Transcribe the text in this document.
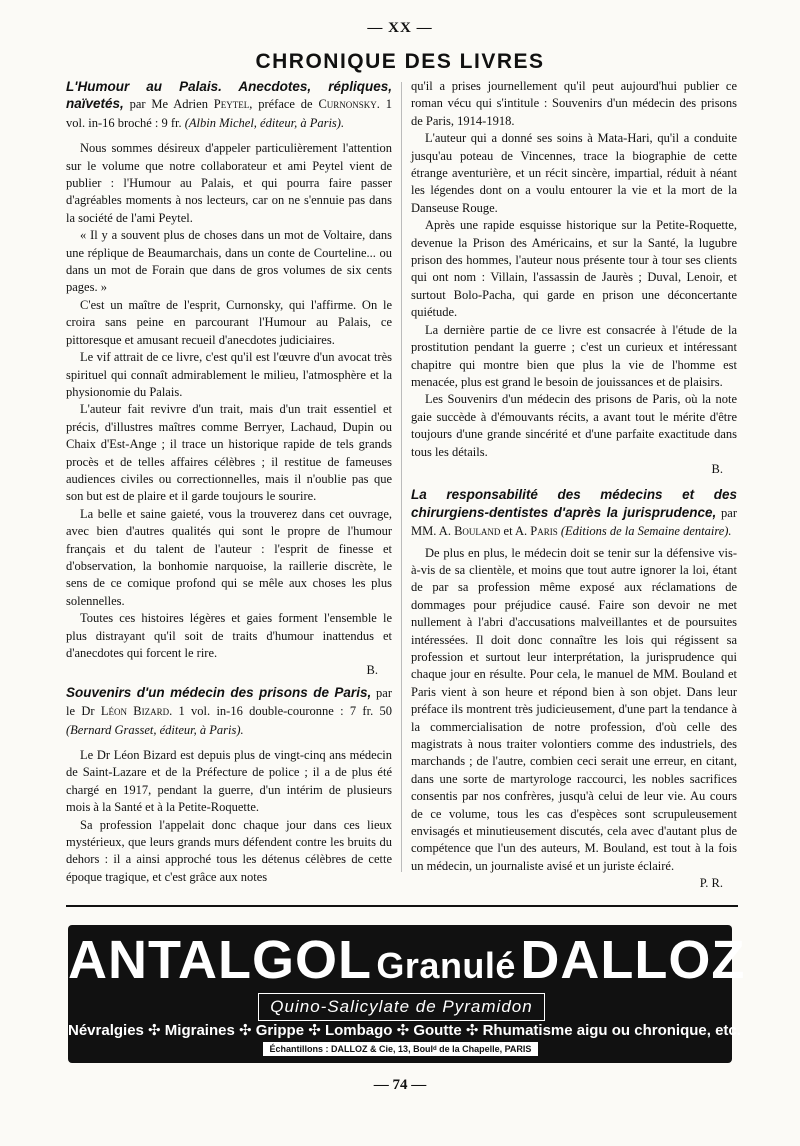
— XX —
CHRONIQUE DES LIVRES

L'Humour au Palais. Anecdotes, répliques, naïvetés, par Me Adrien Peytel, préface de Curnonsky. 1 vol. in-16 broché : 9 fr. (Albin Michel, éditeur, à Paris).

Nous sommes désireux d'appeler particulièrement l'attention sur le volume que notre collaborateur et ami Peytel vient de publier : l'Humour au Palais, et qui pourra faire passer d'agréables moments à nos lecteurs, car on ne s'ennuie pas dans la société de l'ami Peytel.

« Il y a souvent plus de choses dans un mot de Voltaire, dans une réplique de Beaumarchais, dans un conte de Courteline... ou dans un mot de Forain que dans de gros volumes de six cents pages. »

C'est un maître de l'esprit, Curnonsky, qui l'affirme. On le croira sans peine en parcourant l'Humour au Palais, ce pittoresque et amusant recueil d'anecdotes judiciaires.

Le vif attrait de ce livre, c'est qu'il est l'œuvre d'un avocat très spirituel qui connaît admirablement le milieu, l'atmosphère et la physionomie du Palais.

L'auteur fait revivre d'un trait, mais d'un trait essentiel et précis, d'illustres maîtres comme Berryer, Lachaud, Dupin ou Chaix d'Est-Ange ; il trace un historique rapide de tels grands procès et de telles affaires célèbres ; il restitue de fameuses audiences civiles ou correctionnelles, mais il n'oublie pas que son but est de plaire et il garde toujours le sourire.

La belle et saine gaieté, vous la trouverez dans cet ouvrage, avec bien d'autres qualités qui sont le propre de l'humour français et du talent de l'auteur : l'esprit de finesse et d'observation, la bonhomie narquoise, la raillerie discrète, le sens de ce comique profond qui se mêle aux choses les plus solennelles.

Toutes ces histoires légères et gaies forment l'ensemble le plus distrayant qu'il soit de traits d'humour inattendus et d'anecdotes qui forcent le rire.

B.

Souvenirs d'un médecin des prisons de Paris, par le Dr Léon Bizard. 1 vol. in-16 double-couronne : 7 fr. 50 (Bernard Grasset, éditeur, à Paris).

Le Dr Léon Bizard est depuis plus de vingt-cinq ans médecin de Saint-Lazare et de la Préfecture de police ; il a de plus été chargé en 1917, pendant la guerre, d'un intérim de plusieurs mois à la Santé et à la Petite-Roquette.

Sa profession l'appelait donc chaque jour dans ces lieux mystérieux, que leurs grands murs défendent contre les bruits du dehors : il a ainsi approché tous les détenus célèbres de cette époque tragique, et c'est grâce aux notes

qu'il a prises journellement qu'il peut aujourd'hui publier ce roman vécu qui s'intitule : Souvenirs d'un médecin des prisons de Paris, 1914-1918.

L'auteur qui a donné ses soins à Mata-Hari, qu'il a conduite jusqu'au poteau de Vincennes, trace la biographie de cette étrange aventurière, et un récit sincère, impartial, réduit à néant les légendes dont on a voulu entourer la vie et la mort de la Danseuse Rouge.

Après une rapide esquisse historique sur la Petite-Roquette, devenue la Prison des Américains, et sur la Santé, la lugubre prison des hommes, l'auteur nous présente tour à tour ses clients qui ont nom : Villain, l'assassin de Jaurès ; Duval, Lenoir, et surtout Bolo-Pacha, qui garde en prison une déconcertante quiétude.

La dernière partie de ce livre est consacrée à l'étude de la prostitution pendant la guerre ; c'est un curieux et intéressant chapitre qui montre bien que plus la vie de l'homme est menacée, plus est grand le besoin de jouissances et de plaisirs.

Les Souvenirs d'un médecin des prisons de Paris, où la note gaie succède à d'émouvants récits, a avant tout le mérite d'être toujours d'une grande sincérité et d'une parfaite exactitude dans tous les détails.

B.

La responsabilité des médecins et des chirurgiens-dentistes d'après la jurisprudence, par MM. A. Bouland et A. Paris (Editions de la Semaine dentaire).

De plus en plus, le médecin doit se tenir sur la défensive vis-à-vis de sa clientèle, et moins que tout autre ignorer la loi, étant de par sa profession même exposé aux réclamations de dommages pour préjudice causé. Faire son devoir ne met nullement à l'abri d'accusations malveillantes et de poursuites intéressées. Il doit donc connaître les lois qui régissent sa profession et surtout leur interprétation, la jurisprudence qui chaque jour en résulte. Pour cela, le manuel de MM. Bouland et Paris vient à son heure et répond bien à son objet. Dans leur préface ils montrent très judicieusement, d'une part la tendance à la commercialisation de notre profession, d'où celle des magistrats à nous traiter volontiers comme des industriels, des marchands ; de l'autre, combien ceci serait une erreur, en citant, dans une sorte de martyrologe raccourci, les nobles sacrifices consentis par nos confrères, jusqu'à celui de leur vie. Au cours de ce volume, tous les cas d'espèces sont scrupuleusement envisagés et minutieusement discutés, cela avec d'autant plus de compétence que l'un des auteurs, M. Bouland, est tout à la fois un médecin, un journaliste avisé et un juriste éclairé.

P. R.

ANTALGOL Granulé DALLOZ
Quino-Salicylate de Pyramidon
Névralgies ✣ Migraines ✣ Grippe ✣ Lombago ✣ Goutte ✣ Rhumatisme aigu ou chronique, etc.
Échantillons : DALLOZ & Cie, 13, Boulᵈ de la Chapelle, PARIS
— 74 —
